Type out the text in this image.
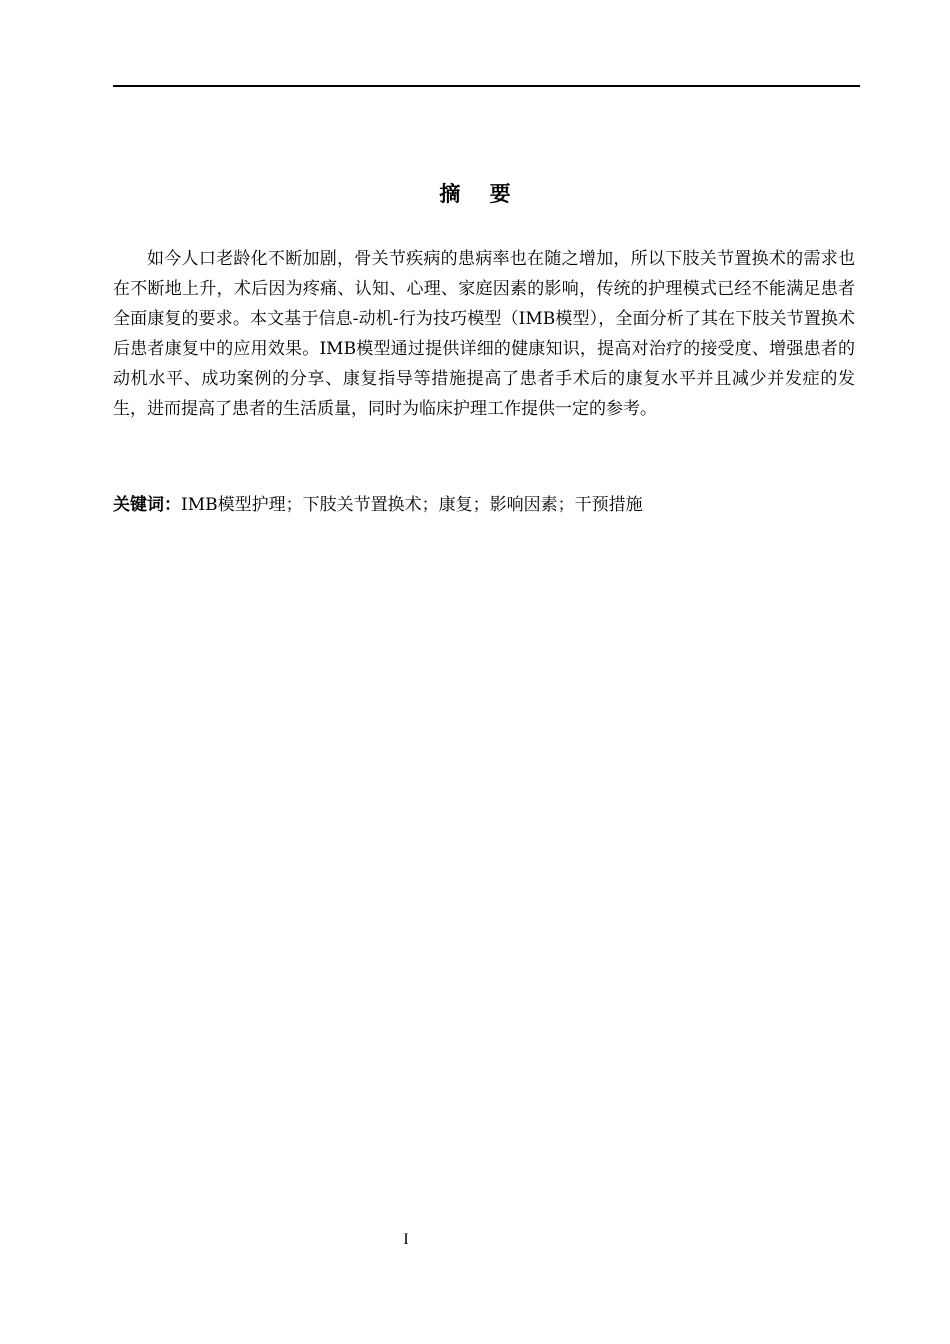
摘    要

如今人口老龄化不断加剧，骨关节疾病的患病率也在随之增加，所以下肢关节置换术的需求也在不断地上升，术后因为疼痛、认知、心理、家庭因素的影响，传统的护理模式已经不能满足患者全面康复的要求。本文基于信息-动机-行为技巧模型（IMB模型），全面分析了其在下肢关节置换术后患者康复中的应用效果。IMB模型通过提供详细的健康知识，提高对治疗的接受度、增强患者的动机水平、成功案例的分享、康复指导等措施提高了患者手术后的康复水平并且减少并发症的发生，进而提高了患者的生活质量，同时为临床护理工作提供一定的参考。

关键词：IMB模型护理；下肢关节置换术；康复；影响因素；干预措施

I
